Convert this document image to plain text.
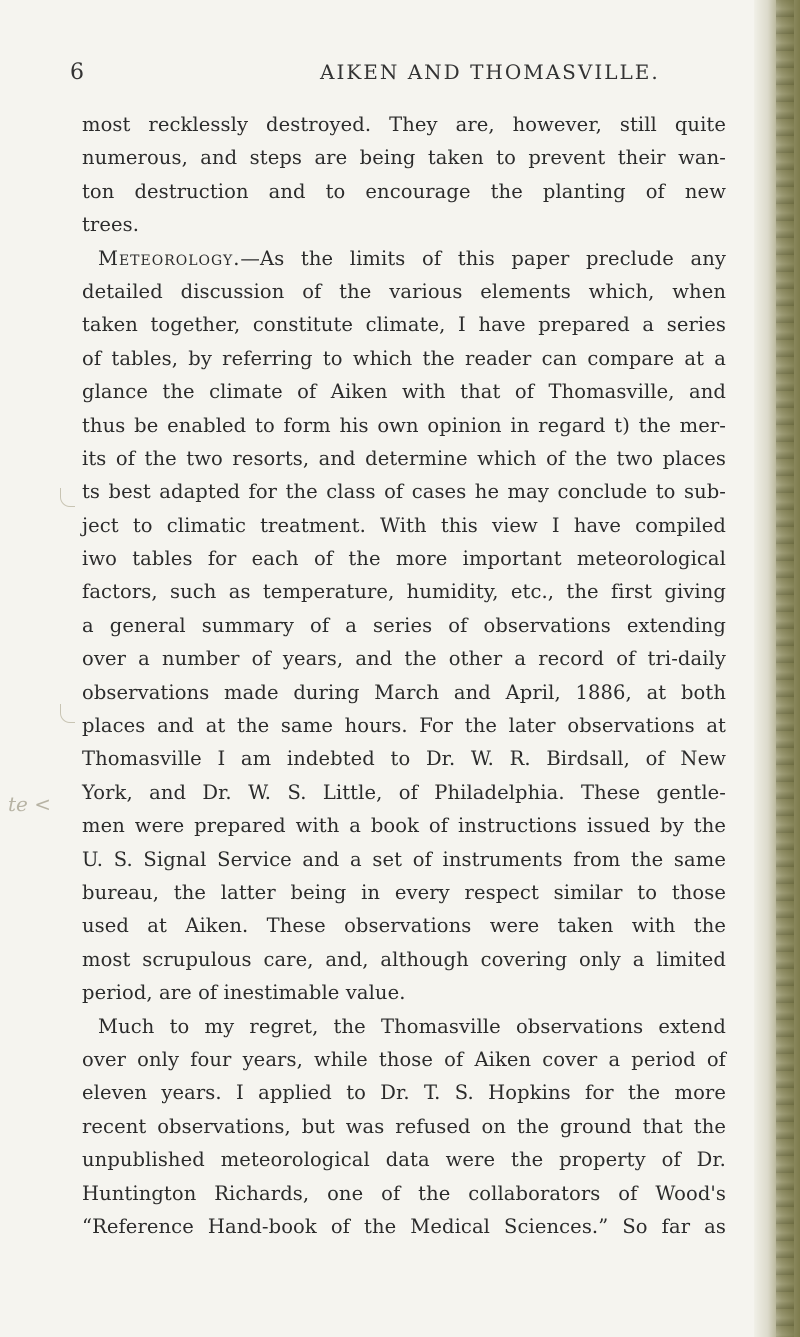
6	AIKEN AND THOMASVILLE.
te <
most recklessly destroyed. They are, however, still quite
numerous, and steps are being taken to prevent their wan-
ton destruction and to encourage the planting of new
trees.
Meteorology.—As the limits of this paper preclude any
detailed discussion of the various elements which, when
taken together, constitute climate, I have prepared a series
of tables, by referring to which the reader can compare at a
glance the climate of Aiken with that of Thomasville, and
thus be enabled to form his own opinion in regard t) the mer-
its of the two resorts, and determine which of the two places
ts best adapted for the class of cases he may conclude to sub-
ject to climatic treatment. With this view I have compiled
iwo tables for each of the more important meteorological
factors, such as temperature, humidity, etc., the first giving
a general summary of a series of observations extending
over a number of years, and the other a record of tri-daily
observations made during March and April, 1886, at both
places and at the same hours. For the later observations at
Thomasville I am indebted to Dr. W. R. Birdsall, of New
York, and Dr. W. S. Little, of Philadelphia. These gentle-
men were prepared with a book of instructions issued by the
U. S. Signal Service and a set of instruments from the same
bureau, the latter being in every respect similar to those
used at Aiken. These observations were taken with the
most scrupulous care, and, although covering only a limited
period, are of inestimable value.
Much to my regret, the Thomasville observations extend
over only four years, while those of Aiken cover a period of
eleven years. I applied to Dr. T. S. Hopkins for the more
recent observations, but was refused on the ground that the
unpublished meteorological data were the property of Dr.
Huntington Richards, one of the collaborators of Wood's
“Reference Hand-book of the Medical Sciences.” So far as
